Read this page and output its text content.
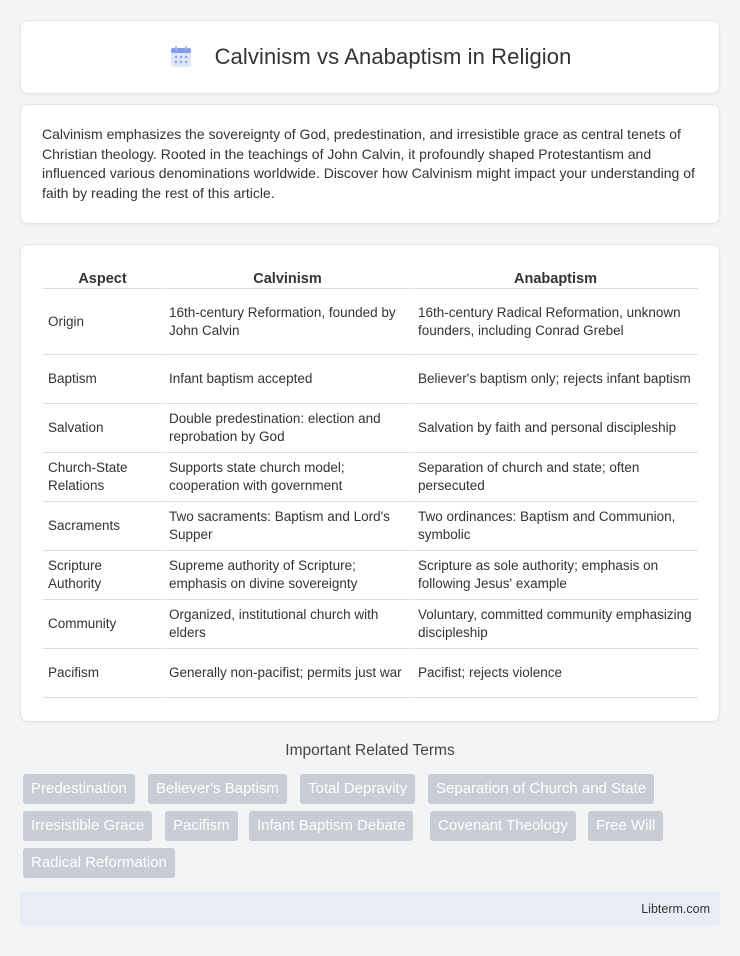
Calvinism vs Anabaptism in Religion

Calvinism emphasizes the sovereignty of God, predestination, and irresistible grace as central tenets of Christian theology. Rooted in the teachings of John Calvin, it profoundly shaped Protestantism and influenced various denominations worldwide. Discover how Calvinism might impact your understanding of faith by reading the rest of this article.

Aspect	Calvinism	Anabaptism
Origin	16th-century Reformation, founded by John Calvin	16th-century Radical Reformation, unknown founders, including Conrad Grebel
Baptism	Infant baptism accepted	Believer's baptism only; rejects infant baptism
Salvation	Double predestination: election and reprobation by God	Salvation by faith and personal discipleship
Church-State Relations	Supports state church model; cooperation with government	Separation of church and state; often persecuted
Sacraments	Two sacraments: Baptism and Lord's Supper	Two ordinances: Baptism and Communion, symbolic
Scripture Authority	Supreme authority of Scripture; emphasis on divine sovereignty	Scripture as sole authority; emphasis on following Jesus' example
Community	Organized, institutional church with elders	Voluntary, committed community emphasizing discipleship
Pacifism	Generally non-pacifist; permits just war	Pacifist; rejects violence
Important Related Terms
Predestination	Believer's Baptism	Total Depravity	Separation of Church and State
Irresistible Grace	Pacifism	Infant Baptism Debate	Covenant Theology	Free Will
Radical Reformation
Libterm.com
